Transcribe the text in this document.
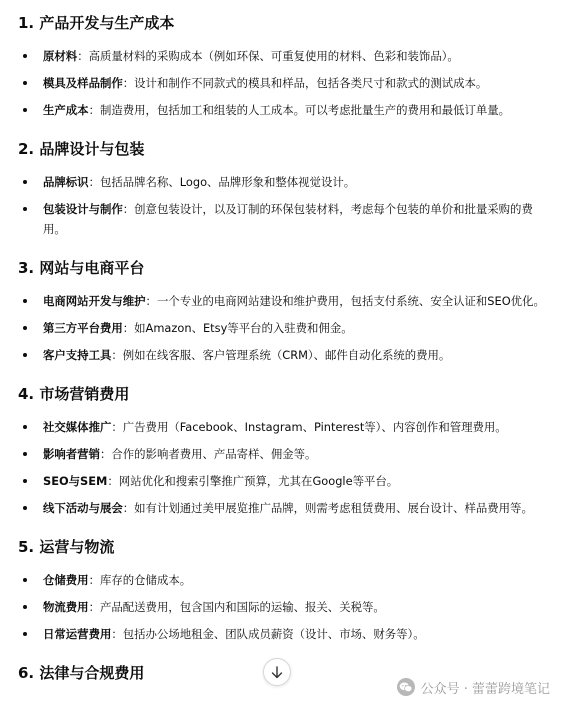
1. 产品开发与生产成本
原材料：高质量材料的采购成本（例如环保、可重复使用的材料、色彩和装饰品）。
模具及样品制作：设计和制作不同款式的模具和样品，包括各类尺寸和款式的测试成本。
生产成本：制造费用，包括加工和组装的人工成本。可以考虑批量生产的费用和最低订单量。
2. 品牌设计与包装
品牌标识：包括品牌名称、Logo、品牌形象和整体视觉设计。
包装设计与制作：创意包装设计，以及订制的环保包装材料，考虑每个包装的单价和批量采购的费用。
3. 网站与电商平台
电商网站开发与维护：一个专业的电商网站建设和维护费用，包括支付系统、安全认证和SEO优化。
第三方平台费用：如Amazon、Etsy等平台的入驻费和佣金。
客户支持工具：例如在线客服、客户管理系统（CRM）、邮件自动化系统的费用。
4. 市场营销费用
社交媒体推广：广告费用（Facebook、Instagram、Pinterest等）、内容创作和管理费用。
影响者营销：合作的影响者费用、产品寄样、佣金等。
SEO与SEM：网站优化和搜索引擎推广预算，尤其在Google等平台。
线下活动与展会：如有计划通过美甲展览推广品牌，则需考虑租赁费用、展台设计、样品费用等。
5. 运营与物流
仓储费用：库存的仓储成本。
物流费用：产品配送费用，包含国内和国际的运输、报关、关税等。
日常运营费用：包括办公场地租金、团队成员薪资（设计、市场、财务等）。
6. 法律与合规费用
公众号 · 蕾蕾跨境笔记
